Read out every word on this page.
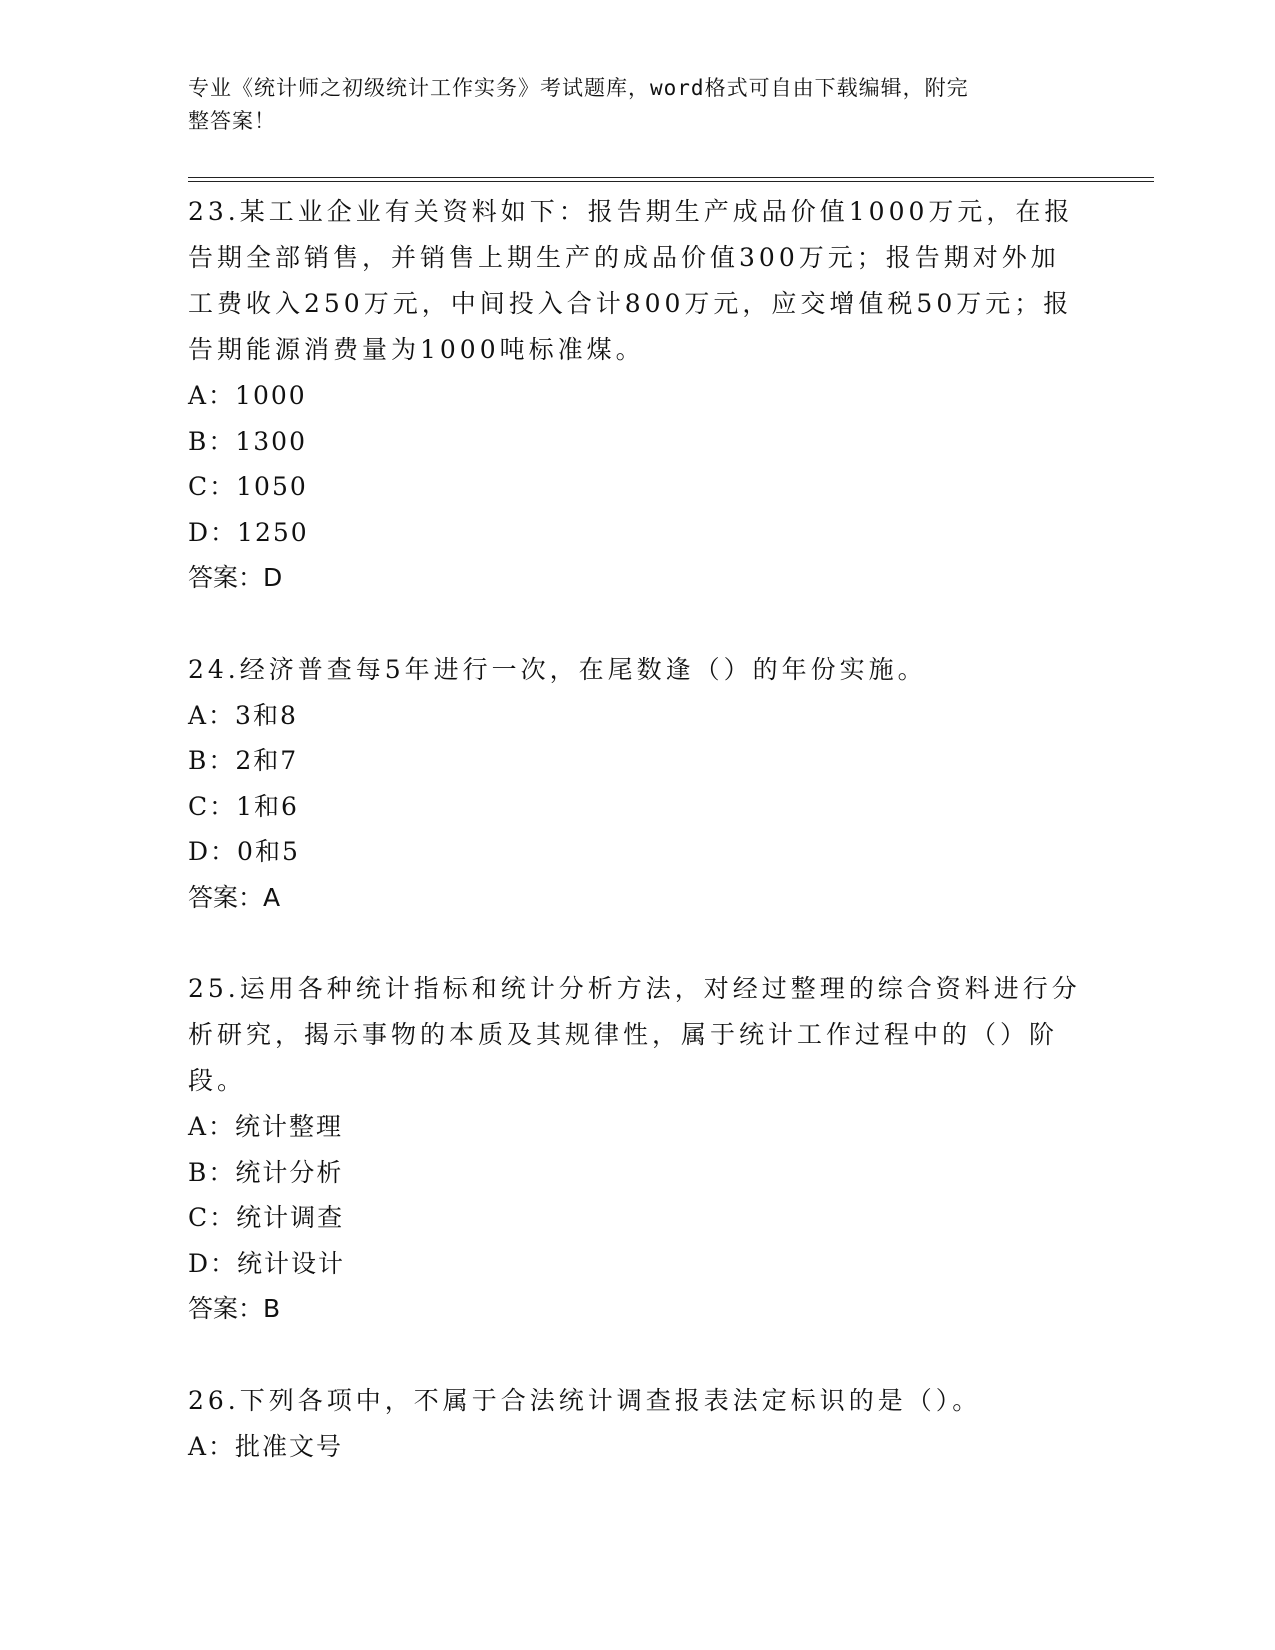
专业《统计师之初级统计工作实务》考试题库，word格式可自由下载编辑，附完
整答案！

23.某工业企业有关资料如下：报告期生产成品价值1000万元，在报

告期全部销售，并销售上期生产的成品价值300万元；报告期对外加

工费收入250万元，中间投入合计800万元，应交增值税50万元；报

告期能源消费量为1000吨标准煤。

A：1000

B：1300

C：1050

D：1250

答案：D

24.经济普查每5年进行一次，在尾数逢（）的年份实施。

A：3和8

B：2和7

C：1和6

D：0和5

答案：A

25.运用各种统计指标和统计分析方法，对经过整理的综合资料进行分

析研究，揭示事物的本质及其规律性，属于统计工作过程中的（）阶

段。

A：统计整理

B：统计分析

C：统计调查

D：统计设计

答案：B

26.下列各项中，不属于合法统计调查报表法定标识的是（）。

A：批准文号
